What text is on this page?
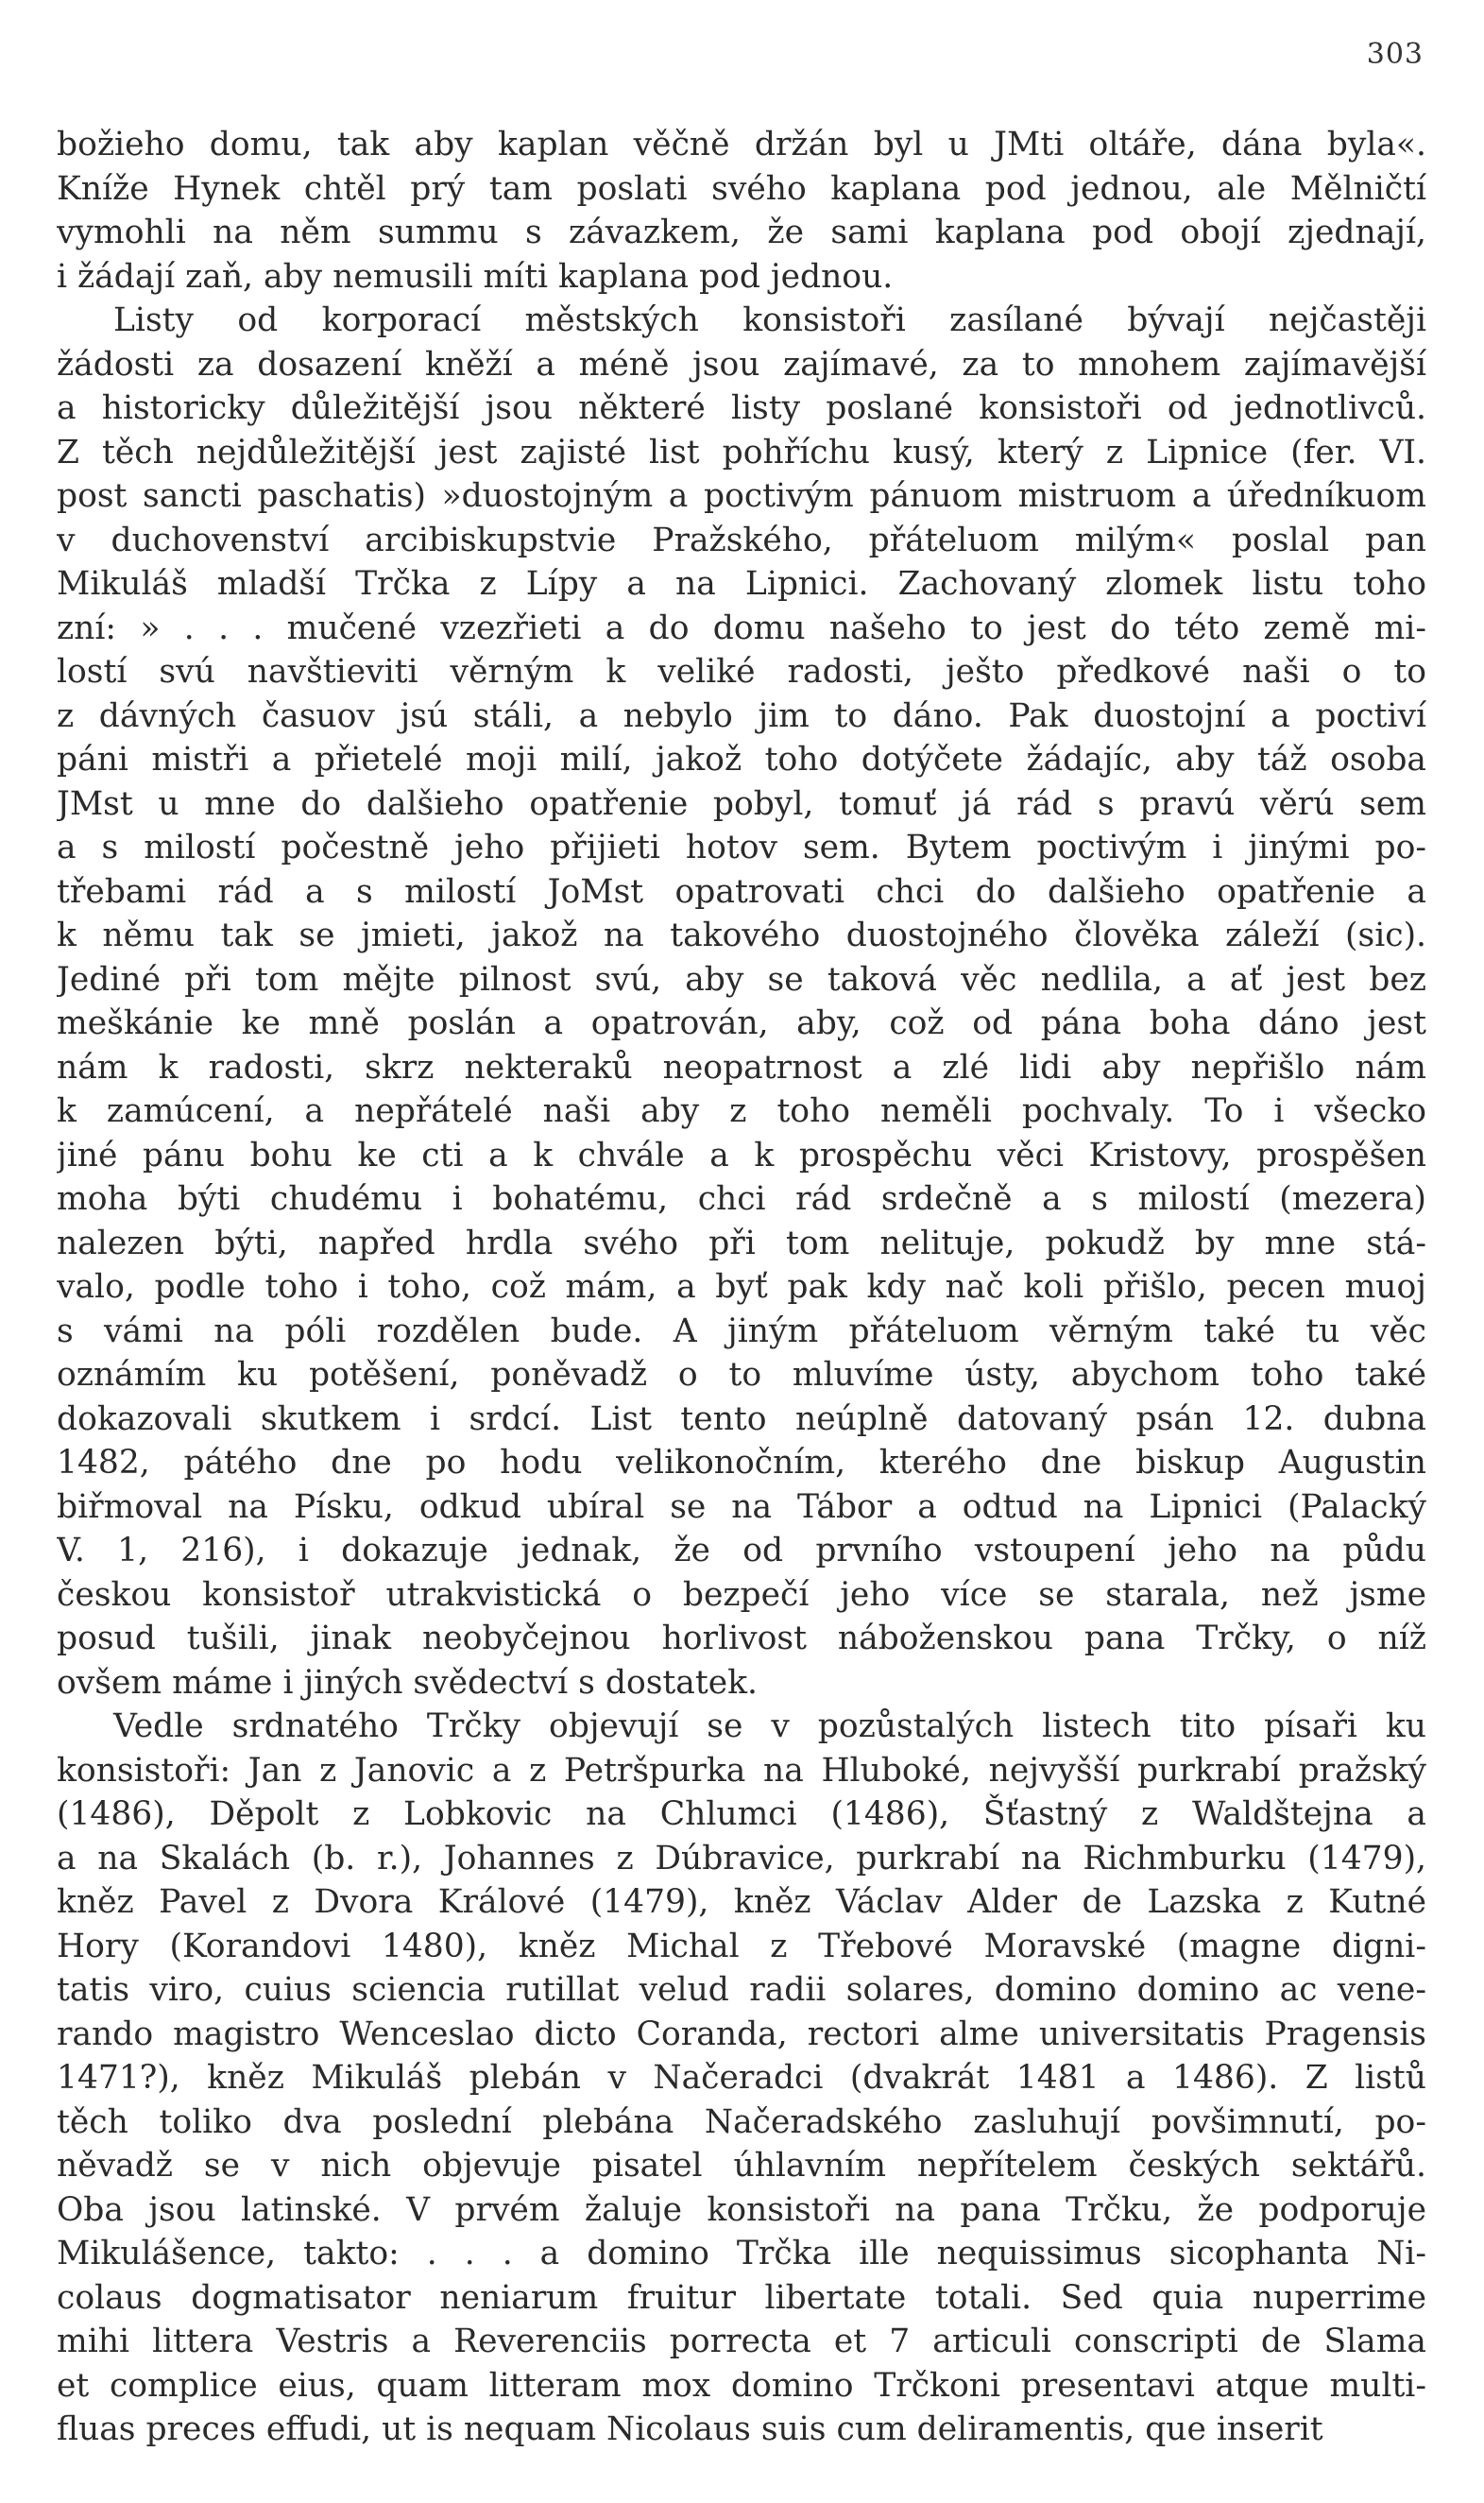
303

božieho domu, tak aby kaplan věčně držán byl u JMti oltáře, dána byla«.
Kníže Hynek chtěl prý tam poslati svého kaplana pod jednou, ale Mělničtí
vymohli na něm summu s závazkem, že sami kaplana pod obojí zjednají,
i žádají zaň, aby nemusili míti kaplana pod jednou.

Listy od korporací městských konsistoři zasílané bývají nejčastěji
žádosti za dosazení kněží a méně jsou zajímavé, za to mnohem zajímavější
a historicky důležitější jsou některé listy poslané konsistoři od jednotlivců.
Z těch nejdůležitější jest zajisté list pohříchu kusý, který z Lipnice (fer. VI.
post sancti paschatis) »duostojným a poctivým pánuom mistruom a úředníkuom
v duchovenství arcibiskupstvie Pražského, přáteluom milým« poslal pan
Mikuláš mladší Trčka z Lípy a na Lipnici. Zachovaný zlomek listu toho
zní: » . . . mučené vzezřieti a do domu našeho to jest do této země mi-
lostí svú navštieviti věrným k veliké radosti, ješto předkové naši o to
z dávných časuov jsú stáli, a nebylo jim to dáno. Pak duostojní a poctiví
páni mistři a přietelé moji milí, jakož toho dotýčete žádajíc, aby táž osoba
JMst u mne do dalšieho opatřenie pobyl, tomuť já rád s pravú věrú sem
a s milostí počestně jeho přijieti hotov sem. Bytem poctivým i jinými po-
třebami rád a s milostí JoMst opatrovati chci do dalšieho opatřenie a
k němu tak se jmieti, jakož na takového duostojného člověka záleží (sic).
Jediné při tom mějte pilnost svú, aby se taková věc nedlila, a ať jest bez
meškánie ke mně poslán a opatrován, aby, což od pána boha dáno jest
nám k radosti, skrz nekteraků neopatrnost a zlé lidi aby nepřišlo nám
k zamúcení, a nepřátelé naši aby z toho neměli pochvaly. To i všecko
jiné pánu bohu ke cti a k chvále a k prospěchu věci Kristovy, prospěšen
moha býti chudému i bohatému, chci rád srdečně a s milostí (mezera)
nalezen býti, napřed hrdla svého při tom nelituje, pokudž by mne stá-
valo, podle toho i toho, což mám, a byť pak kdy nač koli přišlo, pecen muoj
s vámi na póli rozdělen bude. A jiným přáteluom věrným také tu věc
oznámím ku potěšení, poněvadž o to mluvíme ústy, abychom toho také
dokazovali skutkem i srdcí. List tento neúplně datovaný psán 12. dubna
1482, pátého dne po hodu velikonočním, kterého dne biskup Augustin
biřmoval na Písku, odkud ubíral se na Tábor a odtud na Lipnici (Palacký
V. 1, 216), i dokazuje jednak, že od prvního vstoupení jeho na půdu
českou konsistoř utrakvistická o bezpečí jeho více se starala, než jsme
posud tušili, jinak neobyčejnou horlivost náboženskou pana Trčky, o níž
ovšem máme i jiných svědectví s dostatek.

Vedle srdnatého Trčky objevují se v pozůstalých listech tito písaři ku
konsistoři: Jan z Janovic a z Petršpurka na Hluboké, nejvyšší purkrabí pražský
(1486), Děpolt z Lobkovic na Chlumci (1486), Šťastný z Waldštejna a
a na Skalách (b. r.), Johannes z Dúbravice, purkrabí na Richmburku (1479),
kněz Pavel z Dvora Králové (1479), kněz Václav Alder de Lazska z Kutné
Hory (Korandovi 1480), kněz Michal z Třebové Moravské (magne digni-
tatis viro, cuius sciencia rutillat velud radii solares, domino domino ac vene-
rando magistro Wenceslao dicto Coranda, rectori alme universitatis Pragensis
1471?), kněz Mikuláš plebán v Načeradci (dvakrát 1481 a 1486). Z listů
těch toliko dva poslední plebána Načeradského zasluhují povšimnutí, po-
něvadž se v nich objevuje pisatel úhlavním nepřítelem českých sektářů.
Oba jsou latinské. V prvém žaluje konsistoři na pana Trčku, že podporuje
Mikulášence, takto: . . . a domino Trčka ille nequissimus sicophanta Ni-
colaus dogmatisator neniarum fruitur libertate totali. Sed quia nuperrime
mihi littera Vestris a Reverenciis porrecta et 7 articuli conscripti de Slama
et complice eius, quam litteram mox domino Trčkoni presentavi atque multi-
fluas preces effudi, ut is nequam Nicolaus suis cum deliramentis, que inserit
